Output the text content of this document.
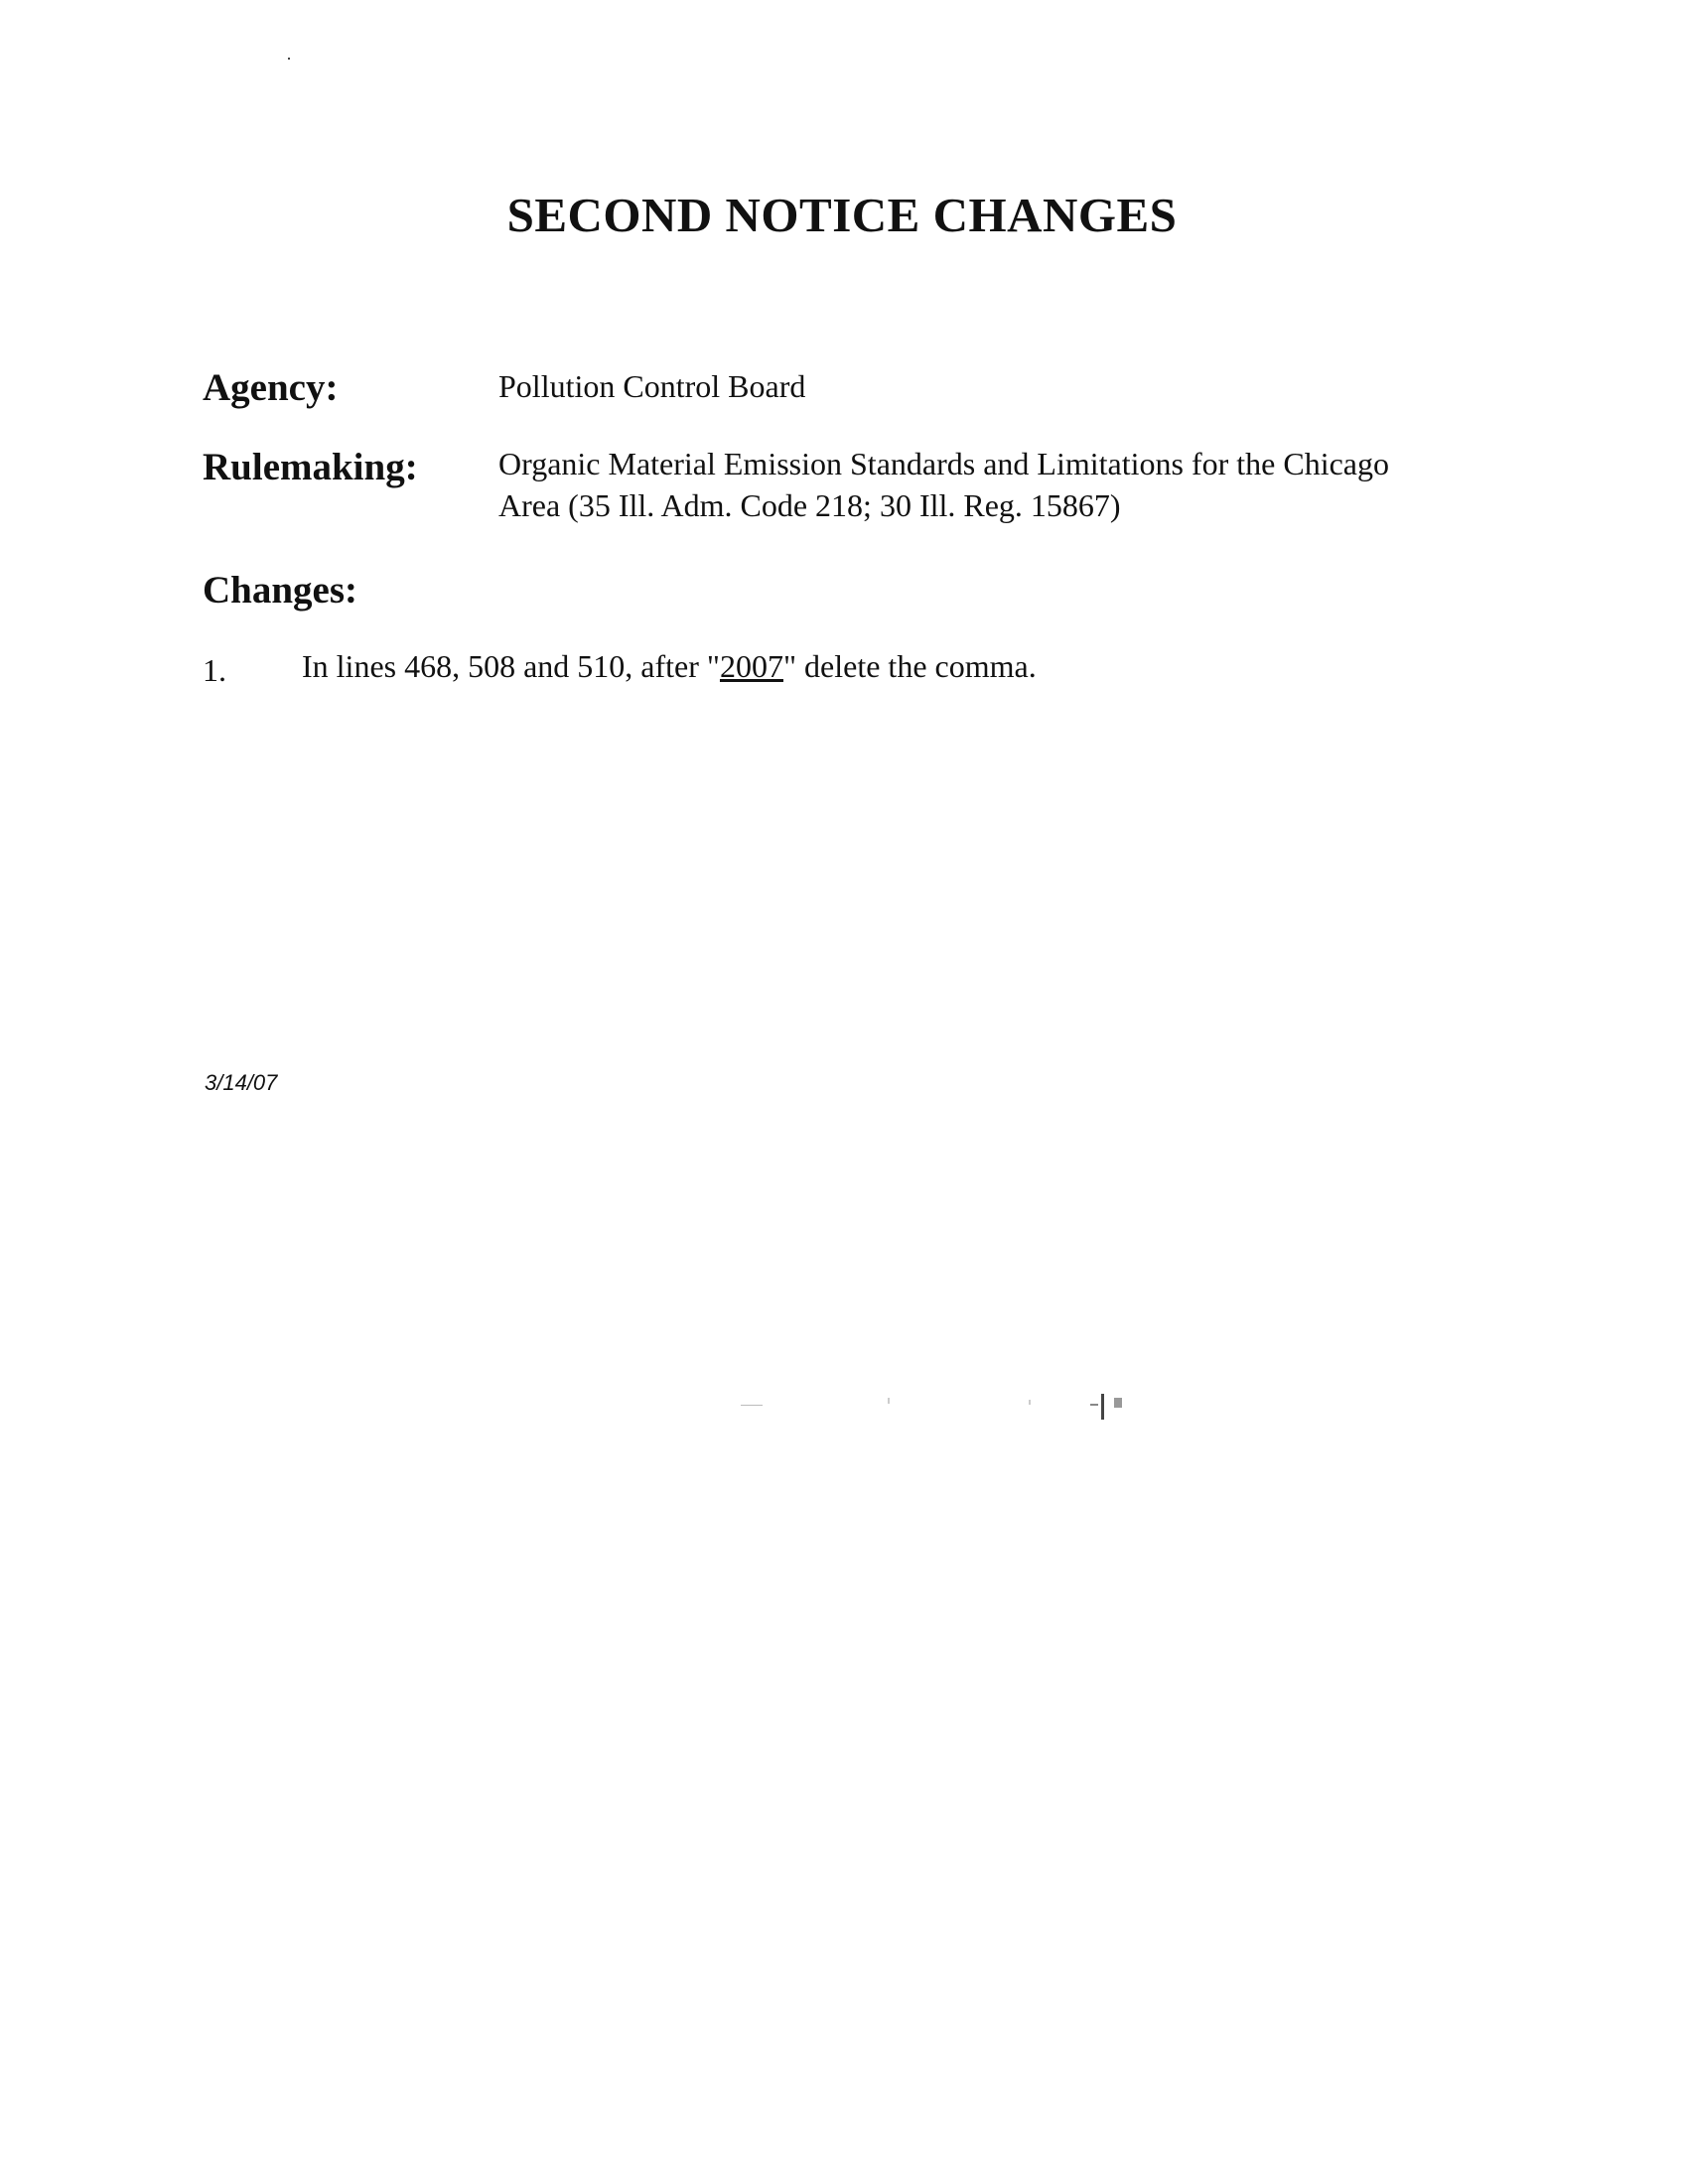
SECOND NOTICE CHANGES
Agency:	Pollution Control Board
Rulemaking:	Organic Material Emission Standards and Limitations for the Chicago
Area (35 Ill. Adm. Code 218; 30 Ill. Reg. 15867)
Changes:
1. In lines 468, 508 and 510, after "2007" delete the comma.
3/14/07
